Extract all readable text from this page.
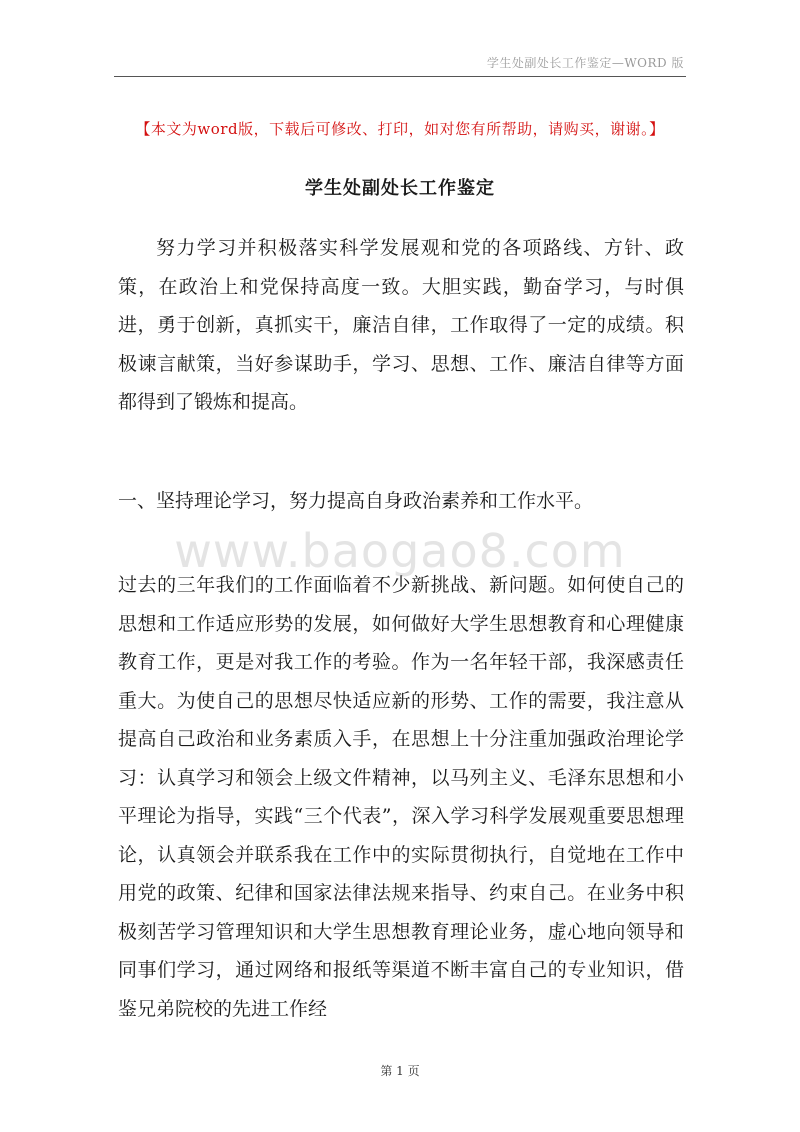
学生处副处长工作鉴定—WORD 版
【本文为word版，下载后可修改、打印，如对您有所帮助，请购买，谢谢。】
学生处副处长工作鉴定

努力学习并积极落实科学发展观和党的各项路线、方针、政策，在政治上和党保持高度一致。大胆实践，勤奋学习，与时俱进，勇于创新，真抓实干，廉洁自律，工作取得了一定的成绩。积极谏言献策，当好参谋助手，学习、思想、工作、廉洁自律等方面都得到了锻炼和提高。

一、坚持理论学习，努力提高自身政治素养和工作水平。

www.baogao8.com

过去的三年我们的工作面临着不少新挑战、新问题。如何使自己的思想和工作适应形势的发展，如何做好大学生思想教育和心理健康教育工作，更是对我工作的考验。作为一名年轻干部，我深感责任重大。为使自己的思想尽快适应新的形势、工作的需要，我注意从提高自己政治和业务素质入手，在思想上十分注重加强政治理论学习：认真学习和领会上级文件精神，以马列主义、毛泽东思想和小平理论为指导，实践“三个代表”，深入学习科学发展观重要思想理论，认真领会并联系我在工作中的实际贯彻执行，自觉地在工作中用党的政策、纪律和国家法律法规来指导、约束自己。在业务中积极刻苦学习管理知识和大学生思想教育理论业务，虚心地向领导和同事们学习，通过网络和报纸等渠道不断丰富自己的专业知识，借鉴兄弟院校的先进工作经

第 1 页
